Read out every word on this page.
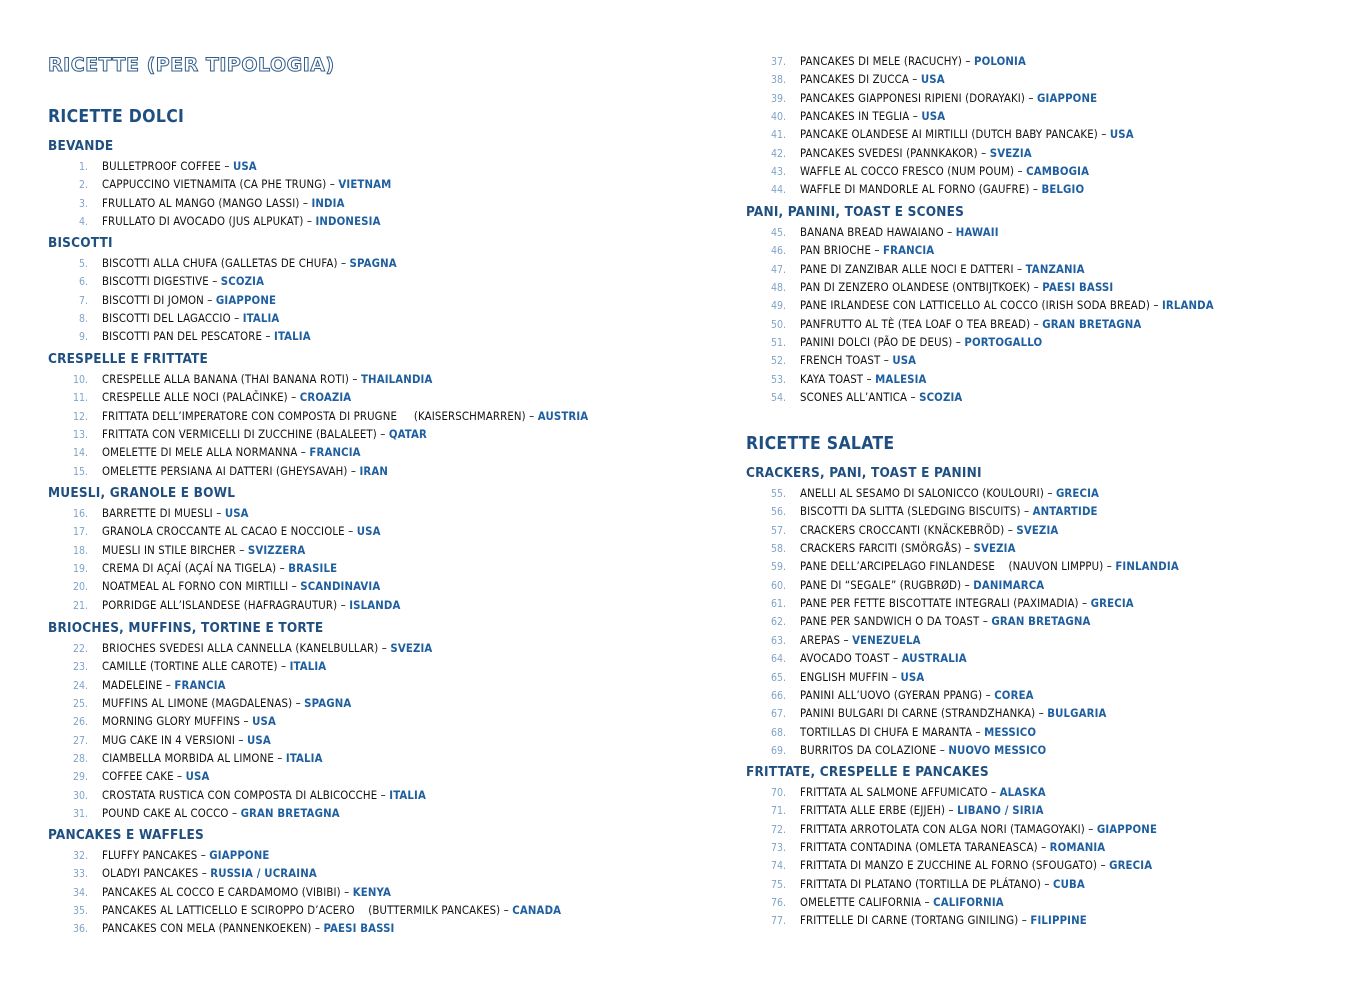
RICETTE (PER TIPOLOGIA)
RICETTE DOLCI
BEVANDE
1. BULLETPROOF COFFEE – USA
2. CAPPUCCINO VIETNAMITA (CA PHE TRUNG) – VIETNAM
3. FRULLATO AL MANGO (MANGO LASSI) – INDIA
4. FRULLATO DI AVOCADO (JUS ALPUKAT) – INDONESIA
BISCOTTI
5. BISCOTTI ALLA CHUFA (GALLETAS DE CHUFA) – SPAGNA
6. BISCOTTI DIGESTIVE – SCOZIA
7. BISCOTTI DI JOMON – GIAPPONE
8. BISCOTTI DEL LAGACCIO – ITALIA
9. BISCOTTI PAN DEL PESCATORE – ITALIA
CRESPELLE E FRITTATE
10. CRESPELLE ALLA BANANA (THAI BANANA ROTI) – THAILANDIA
11. CRESPELLE ALLE NOCI (PALAČINKE) – CROAZIA
12. FRITTATA DELL’IMPERATORE CON COMPOSTA DI PRUGNE     (KAISERSCHMARREN) – AUSTRIA
13. FRITTATA CON VERMICELLI DI ZUCCHINE (BALALEET) – QATAR
14. OMELETTE DI MELE ALLA NORMANNA – FRANCIA
15. OMELETTE PERSIANA AI DATTERI (GHEYSAVAH) – IRAN
MUESLI, GRANOLE E BOWL
16. BARRETTE DI MUESLI – USA
17. GRANOLA CROCCANTE AL CACAO E NOCCIOLE – USA
18. MUESLI IN STILE BIRCHER – SVIZZERA
19. CREMA DI AÇAÍ (AÇAÍ NA TIGELA) – BRASILE
20. NOATMEAL AL FORNO CON MIRTILLI – SCANDINAVIA
21. PORRIDGE ALL’ISLANDESE (HAFRAGRAUTUR) – ISLANDA
BRIOCHES, MUFFINS, TORTINE E TORTE
22. BRIOCHES SVEDESI ALLA CANNELLA (KANELBULLAR) – SVEZIA
23. CAMILLE (TORTINE ALLE CAROTE) – ITALIA
24. MADELEINE – FRANCIA
25. MUFFINS AL LIMONE (MAGDALENAS) – SPAGNA
26. MORNING GLORY MUFFINS – USA
27. MUG CAKE IN 4 VERSIONI – USA
28. CIAMBELLA MORBIDA AL LIMONE – ITALIA
29. COFFEE CAKE – USA
30. CROSTATA RUSTICA CON COMPOSTA DI ALBICOCCHE – ITALIA
31. POUND CAKE AL COCCO – GRAN BRETAGNA
PANCAKES E WAFFLES
32. FLUFFY PANCAKES – GIAPPONE
33. OLADYI PANCAKES – RUSSIA / UCRAINA
34. PANCAKES AL COCCO E CARDAMOMO (VIBIBI) – KENYA
35. PANCAKES AL LATTICELLO E SCIROPPO D’ACERO    (BUTTERMILK PANCAKES) – CANADA
36. PANCAKES CON MELA (PANNENKOEKEN) – PAESI BASSI
37. PANCAKES DI MELE (RACUCHY) – POLONIA
38. PANCAKES DI ZUCCA – USA
39. PANCAKES GIAPPONESI RIPIENI (DORAYAKI) – GIAPPONE
40. PANCAKES IN TEGLIA – USA
41. PANCAKE OLANDESE AI MIRTILLI (DUTCH BABY PANCAKE) – USA
42. PANCAKES SVEDESI (PANNKAKOR) – SVEZIA
43. WAFFLE AL COCCO FRESCO (NUM POUM) – CAMBOGIA
44. WAFFLE DI MANDORLE AL FORNO (GAUFRE) – BELGIO
PANI, PANINI, TOAST E SCONES
45. BANANA BREAD HAWAIANO – HAWAII
46. PAN BRIOCHE – FRANCIA
47. PANE DI ZANZIBAR ALLE NOCI E DATTERI – TANZANIA
48. PAN DI ZENZERO OLANDESE (ONTBIJTKOEK) – PAESI BASSI
49. PANE IRLANDESE CON LATTICELLO AL COCCO (IRISH SODA BREAD) – IRLANDA
50. PANFRUTTO AL TÈ (TEA LOAF O TEA BREAD) – GRAN BRETAGNA
51. PANINI DOLCI (PÃO DE DEUS) – PORTOGALLO
52. FRENCH TOAST – USA
53. KAYA TOAST – MALESIA
54. SCONES ALL’ANTICA – SCOZIA
RICETTE SALATE
CRACKERS, PANI, TOAST E PANINI
55. ANELLI AL SESAMO DI SALONICCO (KOULOURI) – GRECIA
56. BISCOTTI DA SLITTA (SLEDGING BISCUITS) – ANTARTIDE
57. CRACKERS CROCCANTI (KNÄCKEBRÖD) – SVEZIA
58. CRACKERS FARCITI (SMÖRGÅS) – SVEZIA
59. PANE DELL’ARCIPELAGO FINLANDESE    (NAUVON LIMPPU) – FINLANDIA
60. PANE DI “SEGALE” (RUGBRØD) – DANIMARCA
61. PANE PER FETTE BISCOTTATE INTEGRALI (PAXIMADIA) – GRECIA
62. PANE PER SANDWICH O DA TOAST – GRAN BRETAGNA
63. AREPAS – VENEZUELA
64. AVOCADO TOAST – AUSTRALIA
65. ENGLISH MUFFIN – USA
66. PANINI ALL’UOVO (GYERAN PPANG) – COREA
67. PANINI BULGARI DI CARNE (STRANDZHANKA) – BULGARIA
68. TORTILLAS DI CHUFA E MARANTA – MESSICO
69. BURRITOS DA COLAZIONE – NUOVO MESSICO
FRITTATE, CRESPELLE E PANCAKES
70. FRITTATA AL SALMONE AFFUMICATO – ALASKA
71. FRITTATA ALLE ERBE (EJJEH) – LIBANO / SIRIA
72. FRITTATA ARROTOLATA CON ALGA NORI (TAMAGOYAKI) – GIAPPONE
73. FRITTATA CONTADINA (OMLETA TARANEASCA) – ROMANIA
74. FRITTATA DI MANZO E ZUCCHINE AL FORNO (SFOUGATO) – GRECIA
75. FRITTATA DI PLATANO (TORTILLA DE PLÁTANO) – CUBA
76. OMELETTE CALIFORNIA – CALIFORNIA
77. FRITTELLE DI CARNE (TORTANG GINILING) – FILIPPINE
